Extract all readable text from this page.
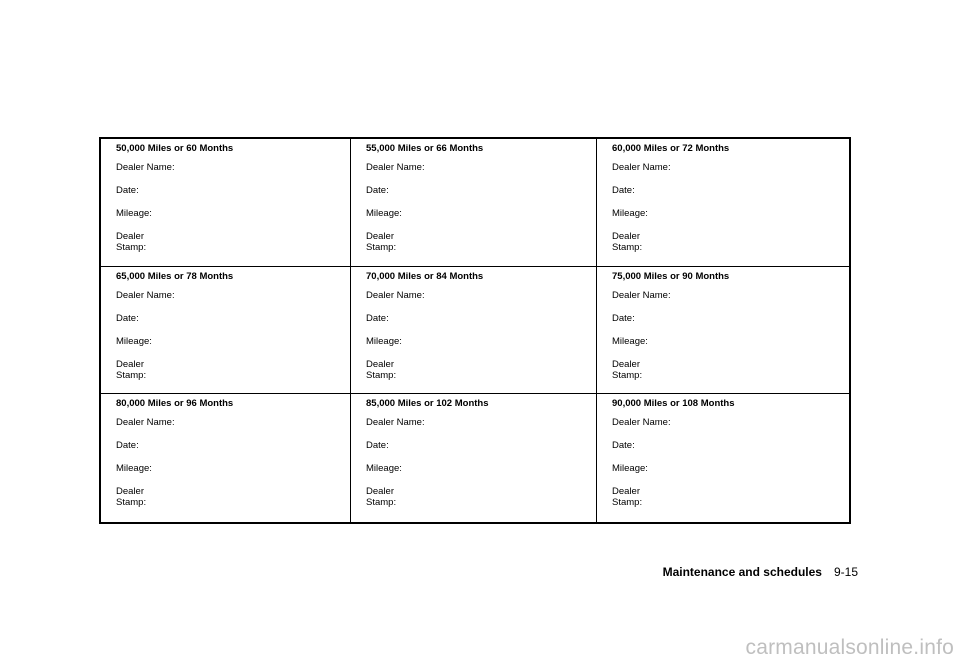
50,000 Miles or 60 Months
Dealer Name:
Date:
Mileage:
Dealer
Stamp:
55,000 Miles or 66 Months
Dealer Name:
Date:
Mileage:
Dealer
Stamp:
60,000 Miles or 72 Months
Dealer Name:
Date:
Mileage:
Dealer
Stamp:
65,000 Miles or 78 Months
Dealer Name:
Date:
Mileage:
Dealer
Stamp:
70,000 Miles or 84 Months
Dealer Name:
Date:
Mileage:
Dealer
Stamp:
75,000 Miles or 90 Months
Dealer Name:
Date:
Mileage:
Dealer
Stamp:
80,000 Miles or 96 Months
Dealer Name:
Date:
Mileage:
Dealer
Stamp:
85,000 Miles or 102 Months
Dealer Name:
Date:
Mileage:
Dealer
Stamp:
90,000 Miles or 108 Months
Dealer Name:
Date:
Mileage:
Dealer
Stamp:
Maintenance and schedules 9-15
carmanualsonline.info
